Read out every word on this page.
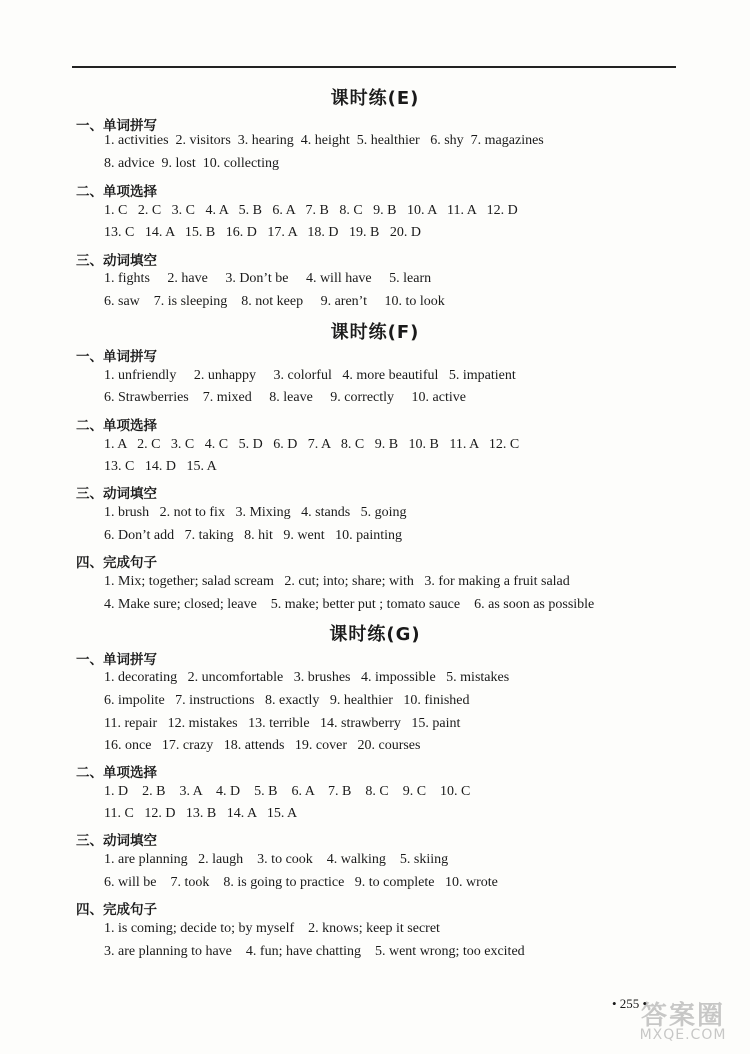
课时练(E)
一、单词拼写
1. activities  2. visitors  3. hearing  4. height  5. healthier   6. shy  7. magazines
8. advice  9. lost  10. collecting
二、单项选择
1. C   2. C   3. C   4. A   5. B   6. A   7. B   8. C   9. B   10. A   11. A   12. D
13. C   14. A   15. B   16. D   17. A   18. D   19. B   20. D
三、动词填空
1. fights     2. have     3. Don’t be     4. will have     5. learn
6. saw    7. is sleeping    8. not keep     9. aren’t     10. to look
课时练(F)
一、单词拼写
1. unfriendly     2. unhappy     3. colorful   4. more beautiful   5. impatient
6. Strawberries    7. mixed     8. leave     9. correctly     10. active
二、单项选择
1. A   2. C   3. C   4. C   5. D   6. D   7. A   8. C   9. B   10. B   11. A   12. C
13. C   14. D   15. A
三、动词填空
1. brush   2. not to fix   3. Mixing   4. stands   5. going
6. Don’t add   7. taking   8. hit   9. went   10. painting
四、完成句子
1. Mix; together; salad scream   2. cut; into; share; with   3. for making a fruit salad
4. Make sure; closed; leave    5. make; better put ; tomato sauce    6. as soon as possible
课时练(G)
一、单词拼写
1. decorating   2. uncomfortable   3. brushes   4. impossible   5. mistakes
6. impolite   7. instructions   8. exactly   9. healthier   10. finished
11. repair   12. mistakes   13. terrible   14. strawberry   15. paint
16. once   17. crazy   18. attends   19. cover   20. courses
二、单项选择
1. D    2. B    3. A    4. D    5. B    6. A    7. B    8. C    9. C    10. C
11. C   12. D   13. B   14. A   15. A
三、动词填空
1. are planning   2. laugh    3. to cook    4. walking    5. skiing
6. will be    7. took    8. is going to practice   9. to complete   10. wrote
四、完成句子
1. is coming; decide to; by myself    2. knows; keep it secret
3. are planning to have    4. fun; have chatting    5. went wrong; too excited
• 255 •
答案圈
MXQE.COM
